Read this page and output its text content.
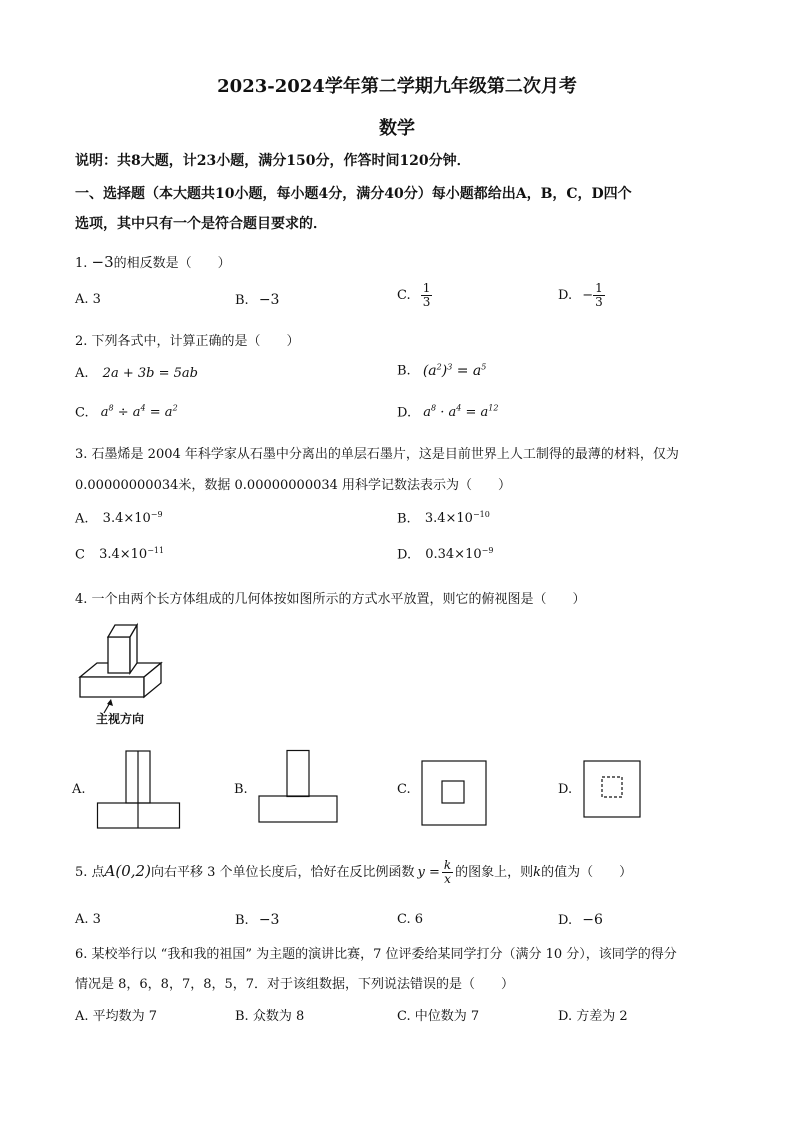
2023-2024学年第二学期九年级第二次月考
数学
说明：共8大题，计23小题，满分150分，作答时间120分钟．
一、选择题（本大题共10小题，每小题4分，满分40分）每小题都给出A，B，C，D四个
选项，其中只有一个是符合题目要求的．
1. −3的相反数是（　　）
A. 3	B. −3	C. $\frac{1}{3}$	D. − $\frac{1}{3}$
2. 下列各式中，计算正确的是（　　）
A. 2a + 3b = 5ab	B. $(a^2)^3 = a^5$
C. $a^8 \div a^4 = a^2$	D. $a^8 \cdot a^4 = a^{12}$
3. 石墨烯是 2004 年科学家从石墨中分离出的单层石墨片，这是目前世界上人工制得的最薄的材料，仅为
0.00000000034米，数据 0.00000000034 用科学记数法表示为（　　）
A. $3.4\times 10^{-9}$	B. $3.4\times 10^{-10}$
C $3.4\times 10^{-11}$	D. $0.34\times 10^{-9}$
4. 一个由两个长方体组成的几何体按如图所示的方式水平放置，则它的俯视图是（　　）
主视方向
A.	B.	C.	D.
5. 点A(0,2)向右平移 3 个单位长度后，恰好在反比例函数 $y = \frac{k}{x}$ 的图象上，则k的值为（　　）
A. 3	B. −3	C. 6	D. −6
6. 某校举行以 “我和我的祖国” 为主题的演讲比赛，7 位评委给某同学打分（满分 10 分），该同学的得分
情况是 8，6，8，7，8，5，7．对于该组数据，下列说法错误的是（　　）
A. 平均数为 7	B. 众数为 8	C. 中位数为 7	D. 方差为 2
